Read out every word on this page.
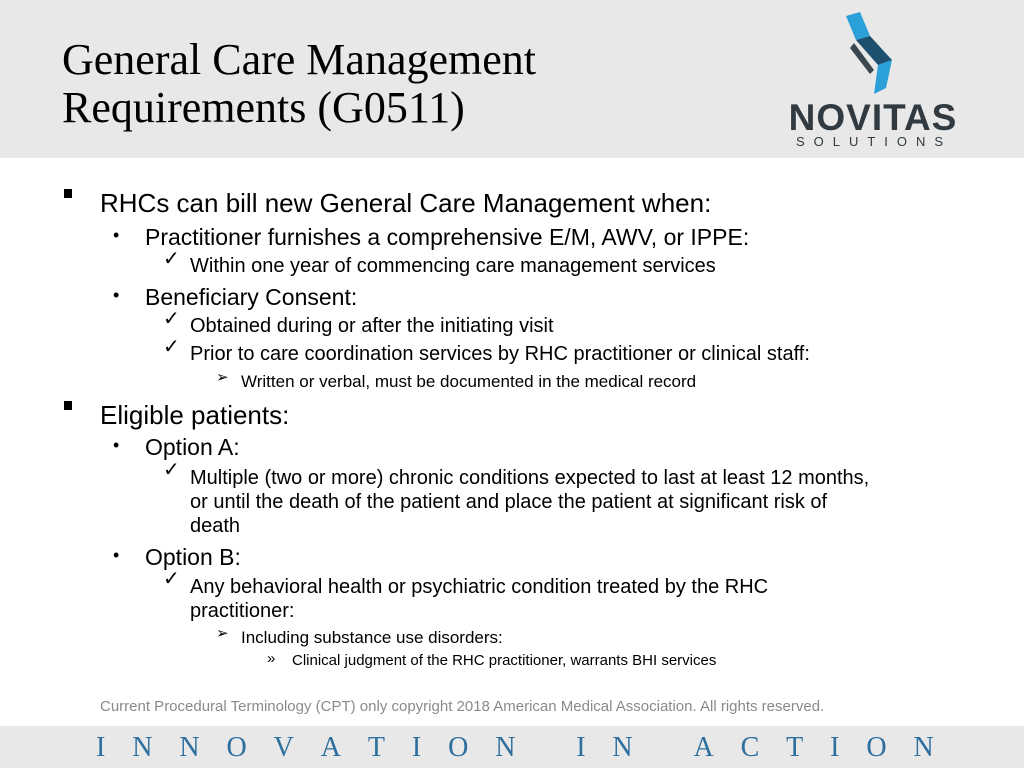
General Care Management
Requirements (G0511)	NOVITAS
SOLUTIONS
RHCs can bill new General Care Management when:
• Practitioner furnishes a comprehensive E/M, AWV, or IPPE:
✓ Within one year of commencing care management services
• Beneficiary Consent:
✓ Obtained during or after the initiating visit
✓ Prior to care coordination services by RHC practitioner or clinical staff:
➢ Written or verbal, must be documented in the medical record
Eligible patients:
• Option A:
✓ Multiple (two or more) chronic conditions expected to last at least 12 months,
or until the death of the patient and place the patient at significant risk of
death
• Option B:
✓ Any behavioral health or psychiatric condition treated by the RHC
practitioner:
➢ Including substance use disorders:
» Clinical judgment of the RHC practitioner, warrants BHI services
Current Procedural Terminology (CPT) only copyright 2018 American Medical Association. All rights reserved.
I N N O V A T I O N
I N
A C T I O N
